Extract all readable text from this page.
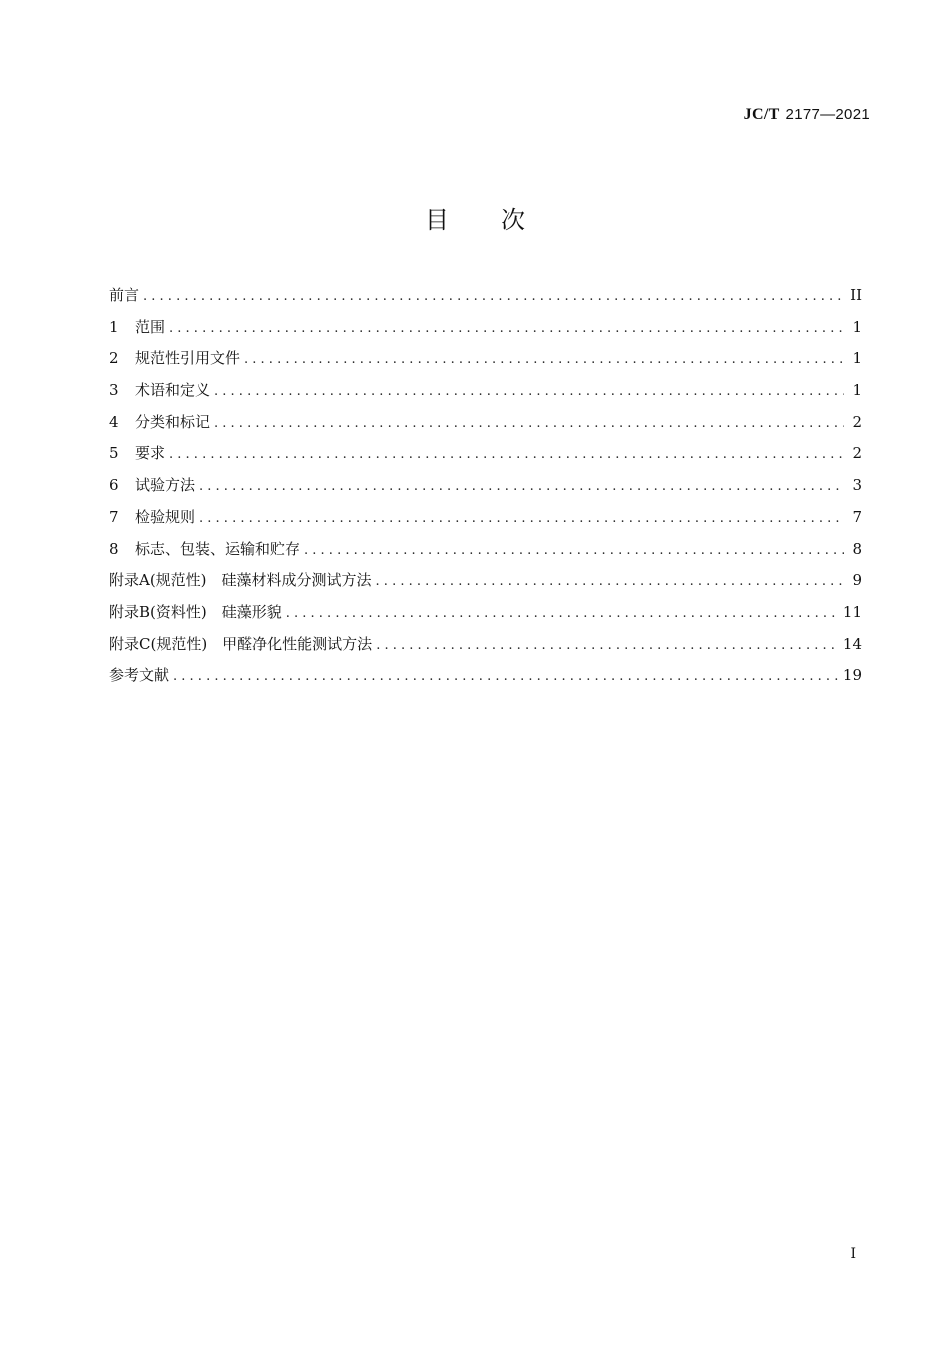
JC/T 2177—2021
目次
前言 . . .	II
1	范围 . . .	1
2	规范性引用文件 . . .	1
3	术语和定义 . . .	1
4	分类和标记 . . .	2
5	要求 . . .	2
6	试验方法 . . .	3
7	检验规则 . . .	7
8	标志、包装、运输和贮存 . . .	8
附录A(规范性)　硅藻材料成分测试方法 . . .	9
附录B(资料性)　硅藻形貌 . . .	11
附录C(规范性)　甲醛净化性能测试方法 . . .	14
参考文献 . . .	19
I
